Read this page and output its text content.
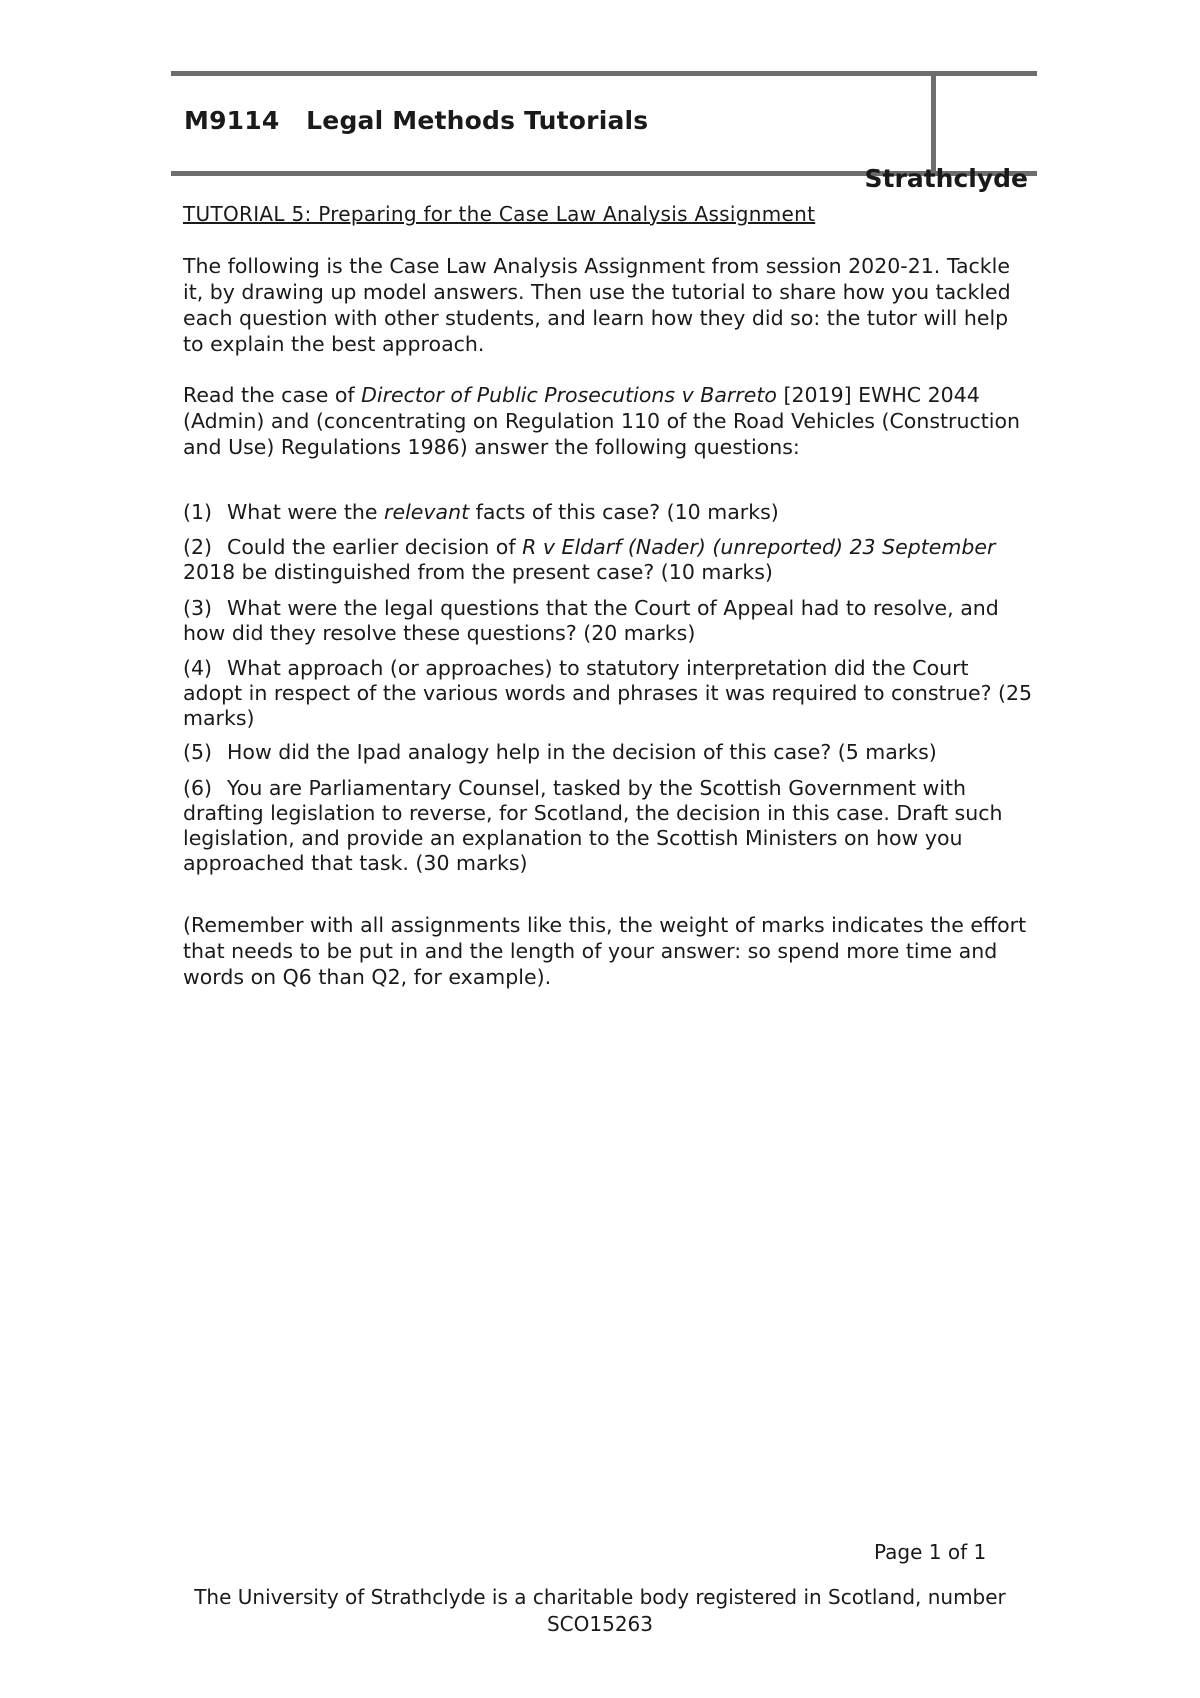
M9114   Legal Methods Tutorials
Strathclyde
TUTORIAL 5: Preparing for the Case Law Analysis Assignment
The following is the Case Law Analysis Assignment from session 2020-21. Tackle it, by drawing up model answers. Then use the tutorial to share how you tackled each question with other students, and learn how they did so: the tutor will help to explain the best approach.
Read the case of Director of Public Prosecutions v Barreto [2019] EWHC 2044 (Admin) and (concentrating on Regulation 110 of the Road Vehicles (Construction and Use) Regulations 1986) answer the following questions:
(1) What were the relevant facts of this case? (10 marks)
(2) Could the earlier decision of R v Eldarf (Nader) (unreported) 23 September 2018 be distinguished from the present case? (10 marks)
(3) What were the legal questions that the Court of Appeal had to resolve, and how did they resolve these questions? (20 marks)
(4) What approach (or approaches) to statutory interpretation did the Court adopt in respect of the various words and phrases it was required to construe? (25 marks)
(5) How did the Ipad analogy help in the decision of this case? (5 marks)
(6) You are Parliamentary Counsel, tasked by the Scottish Government with drafting legislation to reverse, for Scotland, the decision in this case. Draft such legislation, and provide an explanation to the Scottish Ministers on how you approached that task. (30 marks)
(Remember with all assignments like this, the weight of marks indicates the effort that needs to be put in and the length of your answer: so spend more time and words on Q6 than Q2, for example).
Page 1 of 1
The University of Strathclyde is a charitable body registered in Scotland, number SCO15263
